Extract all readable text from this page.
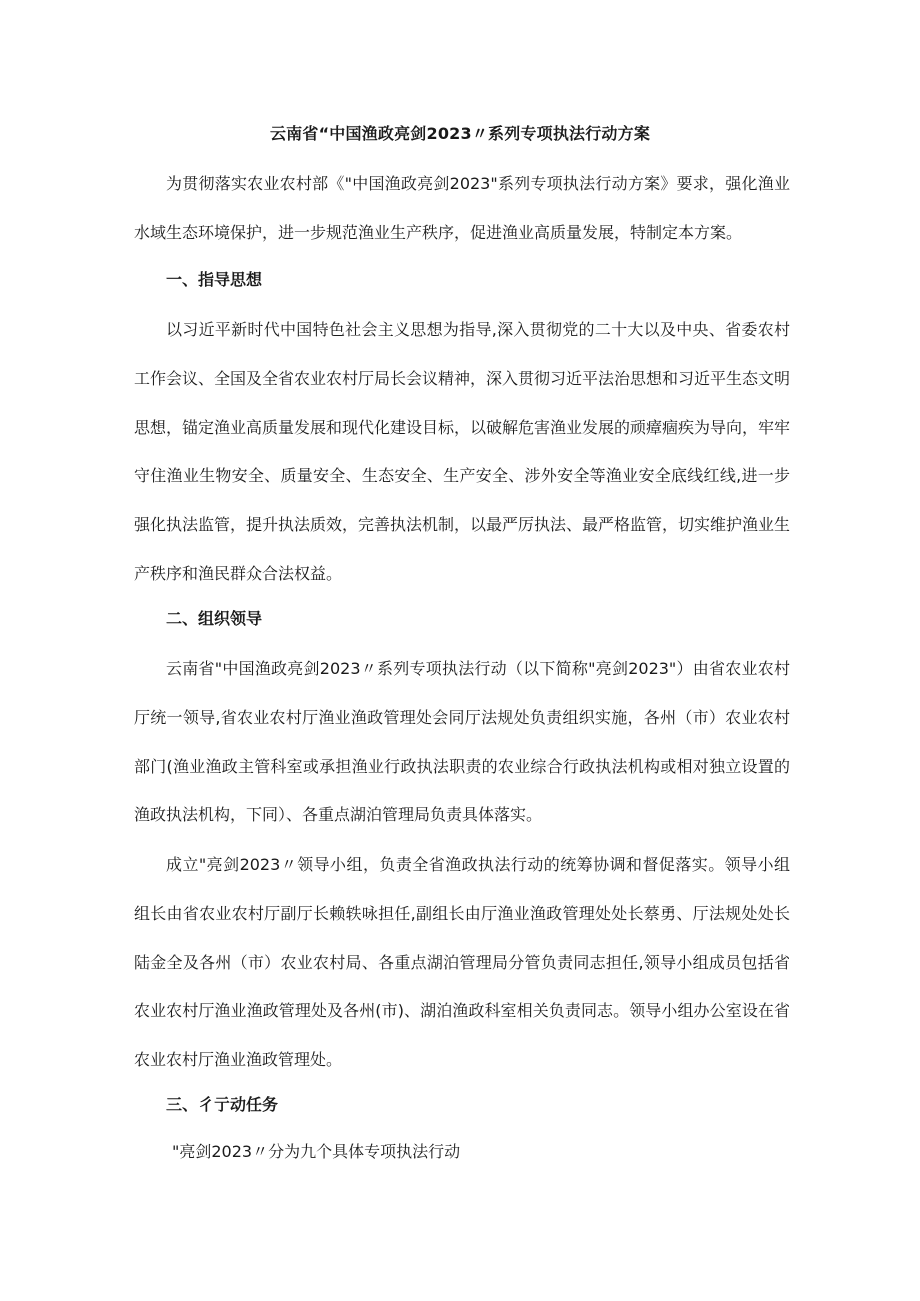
云南省“中国渔政亮剑2023〃系列专项执法行动方案

为贯彻落实农业农村部《"中国渔政亮剑2023"系列专项执法行动方案》要求，强化渔业水域生态环境保护，进一步规范渔业生产秩序，促进渔业高质量发展，特制定本方案。

一、指导思想

以习近平新时代中国特色社会主义思想为指导,深入贯彻党的二十大以及中央、省委农村工作会议、全国及全省农业农村厅局长会议精神，深入贯彻习近平法治思想和习近平生态文明思想，锚定渔业高质量发展和现代化建设目标，以破解危害渔业发展的顽瘴痼疾为导向，牢牢守住渔业生物安全、质量安全、生态安全、生产安全、涉外安全等渔业安全底线红线,进一步强化执法监管，提升执法质效，完善执法机制，以最严厉执法、最严格监管，切实维护渔业生产秩序和渔民群众合法权益。

二、组织领导

云南省"中国渔政亮剑2023〃系列专项执法行动（以下简称"亮剑2023"）由省农业农村厅统一领导,省农业农村厅渔业渔政管理处会同厅法规处负责组织实施，各州（市）农业农村部门(渔业渔政主管科室或承担渔业行政执法职责的农业综合行政执法机构或相对独立设置的渔政执法机构，下同）、各重点湖泊管理局负责具体落实。

成立"亮剑2023〃领导小组，负责全省渔政执法行动的统筹协调和督促落实。领导小组组长由省农业农村厅副厅长赖轶咏担任,副组长由厅渔业渔政管理处处长蔡勇、厅法规处处长陆金全及各州（市）农业农村局、各重点湖泊管理局分管负责同志担任,领导小组成员包括省农业农村厅渔业渔政管理处及各州(市)、湖泊渔政科室相关负责同志。领导小组办公室设在省农业农村厅渔业渔政管理处。

三、彳亍动任务

"亮剑2023〃分为九个具体专项执法行动
